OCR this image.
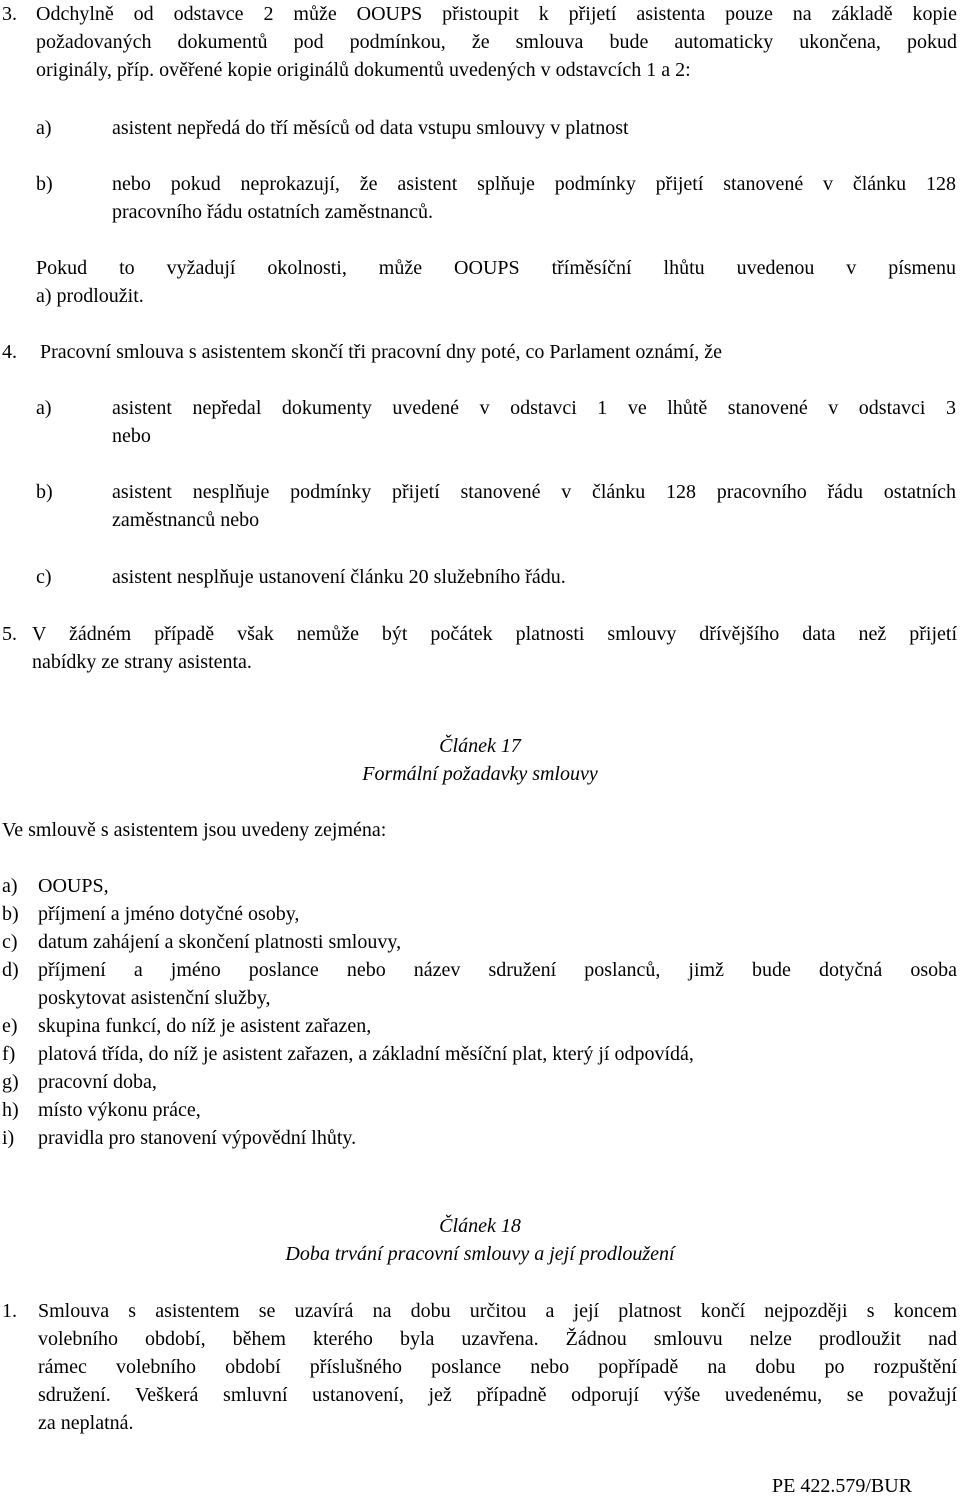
3. Odchylně od odstavce 2 může OOUPS přistoupit k přijetí asistenta pouze na základě kopie
požadovaných dokumentů pod podmínkou, že smlouva bude automaticky ukončena, pokud
originály, příp. ověřené kopie originálů dokumentů uvedených v odstavcích 1 a 2:
a)	asistent nepředá do tří měsíců od data vstupu smlouvy v platnost
b)	nebo pokud neprokazují, že asistent splňuje podmínky přijetí stanovené v článku 128
pracovního řádu ostatních zaměstnanců.
Pokud to vyžadují okolnosti, může OOUPS tříměsíční lhůtu uvedenou v písmenu
a) prodloužit.
4. Pracovní smlouva s asistentem skončí tři pracovní dny poté, co Parlament oznámí, že
a)	asistent nepředal dokumenty uvedené v odstavci 1 ve lhůtě stanovené v odstavci 3
nebo
b)	asistent nesplňuje podmínky přijetí stanovené v článku 128 pracovního řádu ostatních
zaměstnanců nebo
c)	asistent nesplňuje ustanovení článku 20 služebního řádu.
5. V žádném případě však nemůže být počátek platnosti smlouvy dřívějšího data než přijetí
nabídky ze strany asistenta.
Článek 17
Formální požadavky smlouvy
Ve smlouvě s asistentem jsou uvedeny zejména:
a) OOUPS,
b) příjmení a jméno dotyčné osoby,
c) datum zahájení a skončení platnosti smlouvy,
d) příjmení a jméno poslance nebo název sdružení poslanců, jimž bude dotyčná osoba
poskytovat asistenční služby,
e) skupina funkcí, do níž je asistent zařazen,
f) platová třída, do níž je asistent zařazen, a základní měsíční plat, který jí odpovídá,
g) pracovní doba,
h) místo výkonu práce,
i) pravidla pro stanovení výpovědní lhůty.
Článek 18
Doba trvání pracovní smlouvy a její prodloužení
1. Smlouva s asistentem se uzavírá na dobu určitou a její platnost končí nejpozději s koncem
volebního období, během kterého byla uzavřena. Žádnou smlouvu nelze prodloužit nad
rámec volebního období příslušného poslance nebo popřípadě na dobu po rozpuštění
sdružení. Veškerá smluvní ustanovení, jež případně odporují výše uvedenému, se považují
za neplatná.
PE 422.579/BUR
